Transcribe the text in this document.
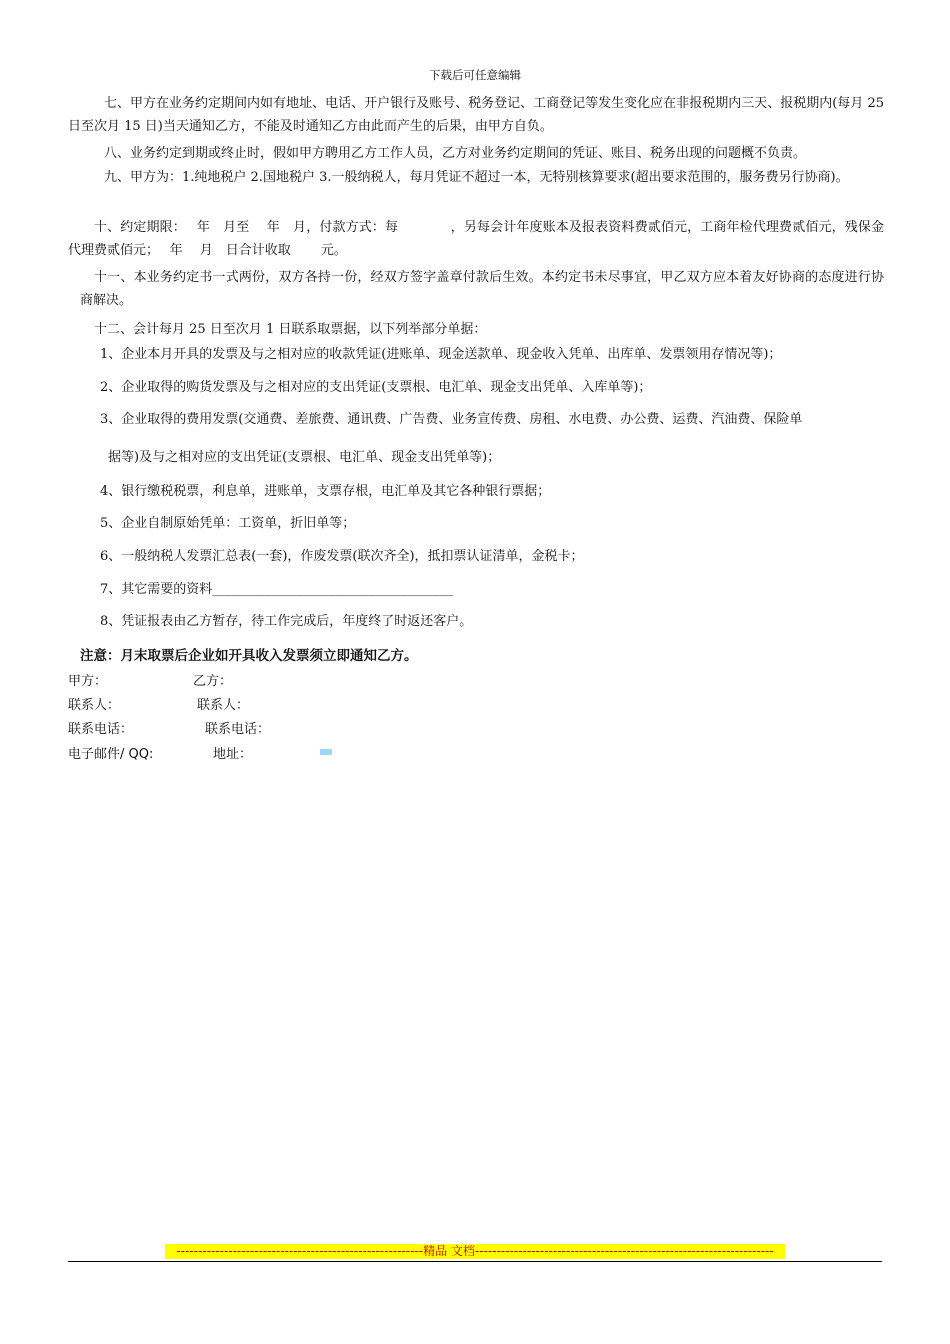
下载后可任意编辑
七、甲方在业务约定期间内如有地址、电话、开户银行及账号、税务登记、工商登记等发生变化应在非报税期内三天、报税期内(每月 25 日至次月 15 日)当天通知乙方，不能及时通知乙方由此而产生的后果，由甲方自负。
八、业务约定到期或终止时，假如甲方聘用乙方工作人员，乙方对业务约定期间的凭证、账目、税务出现的问题概不负责。
九、甲方为：1.纯地税户 2.国地税户 3.一般纳税人，每月凭证不超过一本，无特别核算要求(超出要求范围的，服务费另行协商)。
十、约定期限：　 年　月至　 年　月，付款方式：每　　　　，另每会计年度账本及报表资料费贰佰元，工商年检代理费贰佰元，残保金代理费贰佰元；　 年　 月　日合计收取　　 元。
十一、本业务约定书一式两份，双方各持一份，经双方签字盖章付款后生效。本约定书未尽事宜，甲乙双方应本着友好协商的态度进行协商解决。
十二、会计每月 25 日至次月 1 日联系取票据，以下列举部分单据：
1、企业本月开具的发票及与之相对应的收款凭证(进账单、现金送款单、现金收入凭单、出库单、发票领用存情况等)；
2、企业取得的购货发票及与之相对应的支出凭证(支票根、电汇单、现金支出凭单、入库单等)；
3、企业取得的费用发票(交通费、差旅费、通讯费、广告费、业务宣传费、房租、水电费、办公费、运费、汽油费、保险单
据等)及与之相对应的支出凭证(支票根、电汇单、现金支出凭单等)；
4、银行缴税税票，利息单，进账单，支票存根，电汇单及其它各种银行票据；
5、企业自制原始凭单：工资单，折旧单等；
6、一般纳税人发票汇总表(一套)，作废发票(联次齐全)，抵扣票认证清单，金税卡；
7、其它需要的资料_____________________________________
8、凭证报表由乙方暂存，待工作完成后，年度终了时返还客户。
注意：月末取票后企业如开具收入发票须立即通知乙方。
甲方：	乙方：
联系人：	联系人：
联系电话：	联系电话：
电子邮件/ QQ:	地址：
---------------------------------------------------------精品 文档---------------------------------------------------------------------
